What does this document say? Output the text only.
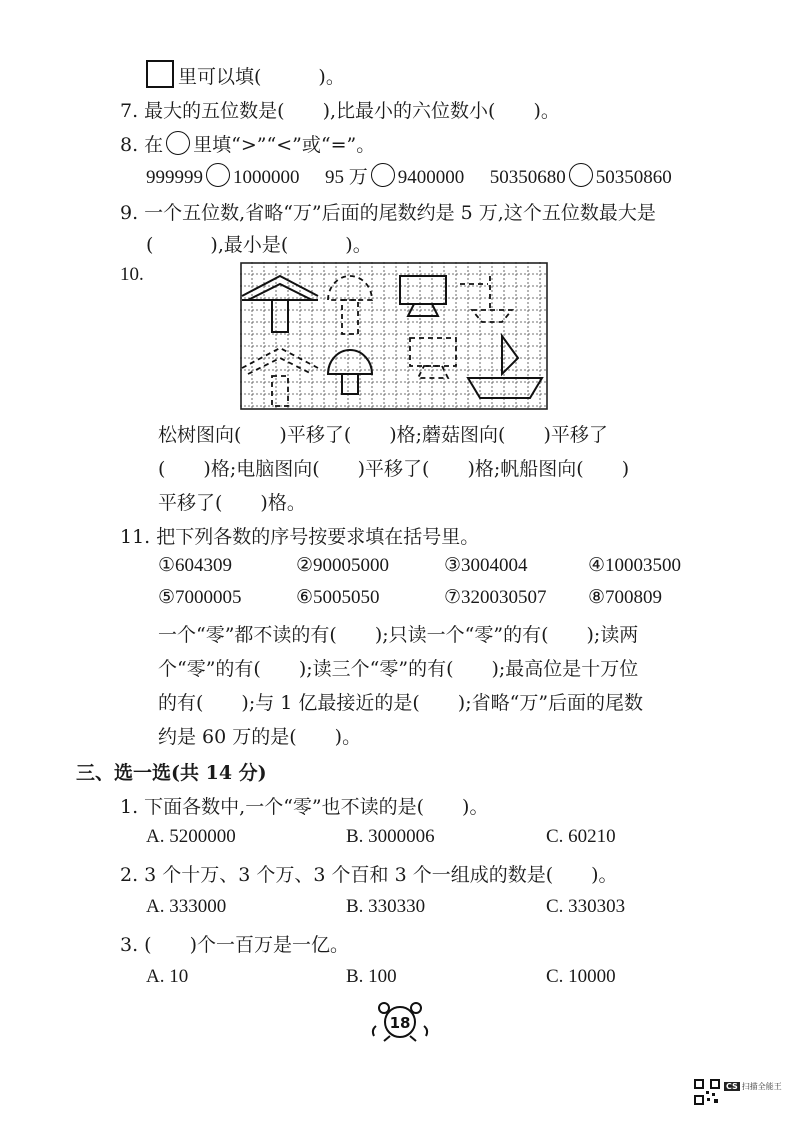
里可以填(　　　)。
7. 最大的五位数是(　　),比最小的六位数小(　　)。
8. 在 里填“>”“<”或“=”。
999999 1000000 95 万 9400000 50350680 50350860
9. 一个五位数,省略“万”后面的尾数约是 5 万,这个五位数最大是
(　　　),最小是(　　　)。
10.
松树图向(　　)平移了(　　)格;蘑菇图向(　　)平移了
(　　)格;电脑图向(　　)平移了(　　)格;帆船图向(　　)
平移了(　　)格。
11. 把下列各数的序号按要求填在括号里。
①604309	②90005000	③3004004	④10003500
⑤7000005	⑥5005050	⑦320030507 ⑧700809
一个“零”都不读的有(　　);只读一个“零”的有(　　);读两
个“零”的有(　　);读三个“零”的有(　　);最高位是十万位
的有(　　);与 1 亿最接近的是(　　);省略“万”后面的尾数
约是 60 万的是(　　)。
三、选一选(共 14 分)
1. 下面各数中,一个“零”也不读的是(　　)。
A. 5200000	B. 3000006	C. 60210
2. 3 个十万、3 个万、3 个百和 3 个一组成的数是(　　)。
A. 333000	B. 330330	C. 330303
3. (　　)个一百万是一亿。
A. 10	B. 100	C. 10000
18
CS 扫描全能王
